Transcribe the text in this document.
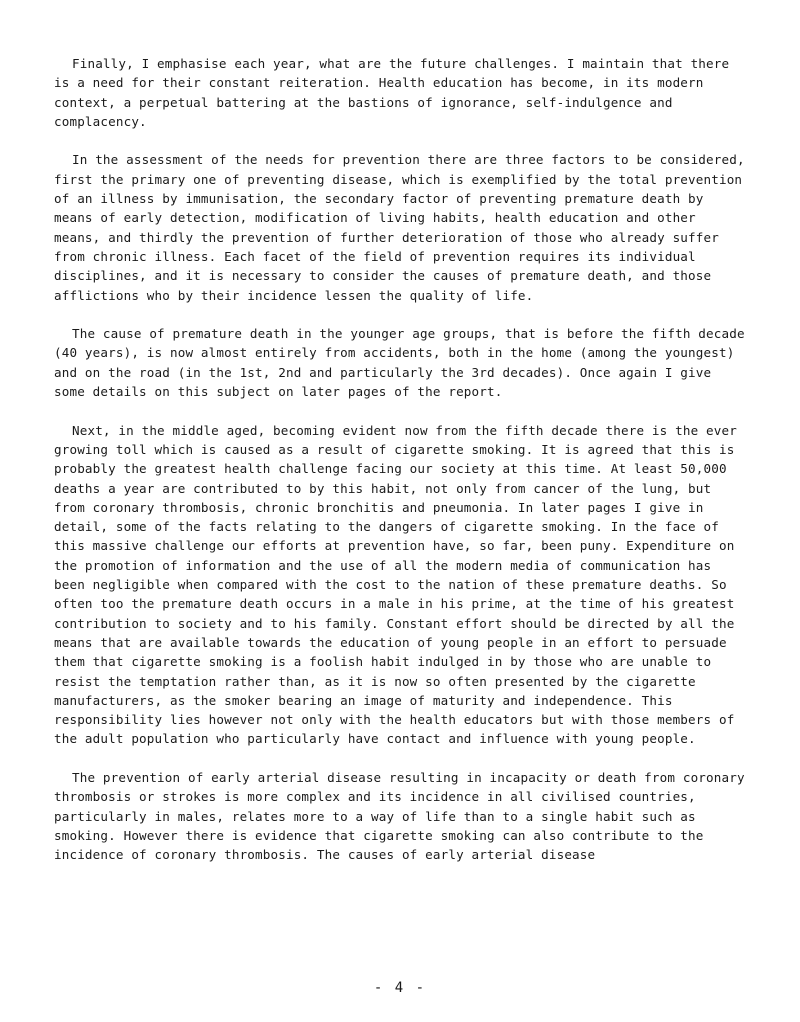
Finally, I emphasise each year, what are the future challenges. I maintain that there is a need for their constant reiteration. Health education has become, in its modern context, a perpetual battering at the bastions of ignorance, self-indulgence and complacency.

In the assessment of the needs for prevention there are three factors to be considered, first the primary one of preventing disease, which is exemplified by the total prevention of an illness by immunisation, the secondary factor of preventing premature death by means of early detection, modification of living habits, health education and other means, and thirdly the prevention of further deterioration of those who already suffer from chronic illness. Each facet of the field of prevention requires its individual disciplines, and it is necessary to consider the causes of premature death, and those afflictions who by their incidence lessen the quality of life.

The cause of premature death in the younger age groups, that is before the fifth decade (40 years), is now almost entirely from accidents, both in the home (among the youngest) and on the road (in the 1st, 2nd and particularly the 3rd decades). Once again I give some details on this subject on later pages of the report.

Next, in the middle aged, becoming evident now from the fifth decade there is the ever growing toll which is caused as a result of cigarette smoking. It is agreed that this is probably the greatest health challenge facing our society at this time. At least 50,000 deaths a year are contributed to by this habit, not only from cancer of the lung, but from coronary thrombosis, chronic bronchitis and pneumonia. In later pages I give in detail, some of the facts relating to the dangers of cigarette smoking. In the face of this massive challenge our efforts at prevention have, so far, been puny. Expenditure on the promotion of information and the use of all the modern media of communication has been negligible when compared with the cost to the nation of these premature deaths. So often too the premature death occurs in a male in his prime, at the time of his greatest contribution to society and to his family. Constant effort should be directed by all the means that are available towards the education of young people in an effort to persuade them that cigarette smoking is a foolish habit indulged in by those who are unable to resist the temptation rather than, as it is now so often presented by the cigarette manufacturers, as the smoker bearing an image of maturity and independence. This responsibility lies however not only with the health educators but with those members of the adult population who particularly have contact and influence with young people.

The prevention of early arterial disease resulting in incapacity or death from coronary thrombosis or strokes is more complex and its incidence in all civilised countries, particularly in males, relates more to a way of life than to a single habit such as smoking. However there is evidence that cigarette smoking can also contribute to the incidence of coronary thrombosis. The causes of early arterial disease

- 4 -
